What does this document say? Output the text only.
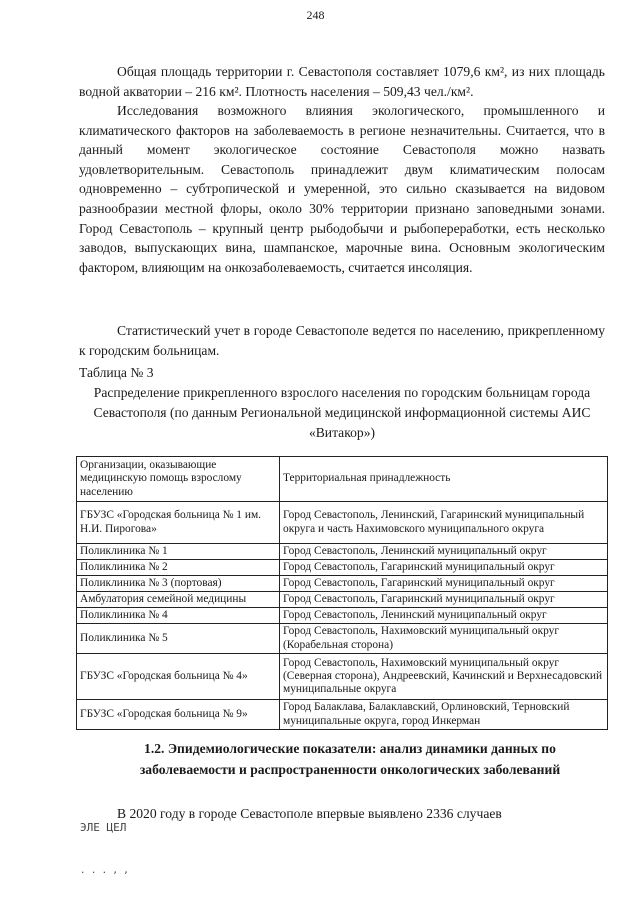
248

Общая площадь территории г. Севастополя составляет 1079,6 км², из них площадь водной акватории – 216 км². Плотность населения – 509,43 чел./км².

Исследования возможного влияния экологического, промышленного и климатического факторов на заболеваемость в регионе незначительны. Считается, что в данный момент экологическое состояние Севастополя можно назвать удовлетворительным. Севастополь принадлежит двум климатическим полосам одновременно – субтропической и умеренной, это сильно сказывается на видовом разнообразии местной флоры, около 30% территории признано заповедными зонами. Город Севастополь – крупный центр рыбодобычи и рыбопереработки, есть несколько заводов, выпускающих вина, шампанское, марочные вина. Основным экологическим фактором, влияющим на онкозаболеваемость, считается инсоляция.

Статистический учет в городе Севастополе ведется по населению, прикрепленному к городским больницам.

Таблица № 3

Распределение прикрепленного взрослого населения по городским больницам города Севастополя (по данным Региональной медицинской информационной системы АИС «Витакор»)

Организации, оказывающие медицинскую помощь взрослому населению	Территориальная принадлежность
ГБУЗС «Городская больница № 1 им. Н.И. Пирогова»	Город Севастополь, Ленинский, Гагаринский муниципальный округа и часть Нахимовского муниципального округа
Поликлиника № 1	Город Севастополь, Ленинский муниципальный округ
Поликлиника № 2	Город Севастополь, Гагаринский муниципальный округ
Поликлиника № 3 (портовая)	Город Севастополь, Гагаринский муниципальный округ
Амбулатория семейной медицины	Город Севастополь, Гагаринский муниципальный округ
Поликлиника № 4	Город Севастополь, Ленинский муниципальный округ
Поликлиника № 5	Город Севастополь, Нахимовский муниципальный округ (Корабельная сторона)
ГБУЗС «Городская больница № 4»	Город Севастополь, Нахимовский муниципальный округ (Северная сторона), Андреевский, Качинский и Верхнесадовский муниципальные округа
ГБУЗС «Городская больница № 9»	Город Балаклава, Балаклавский, Орлиновский, Терновский муниципальные округа, город Инкерман

1.2. Эпидемиологические показатели: анализ динамики данных по заболеваемости и распространенности онкологических заболеваний

В 2020 году в городе Севастополе впервые выявлено 2336 случаев

ЭЛЕ ЦЕЛ
. . . , ,
